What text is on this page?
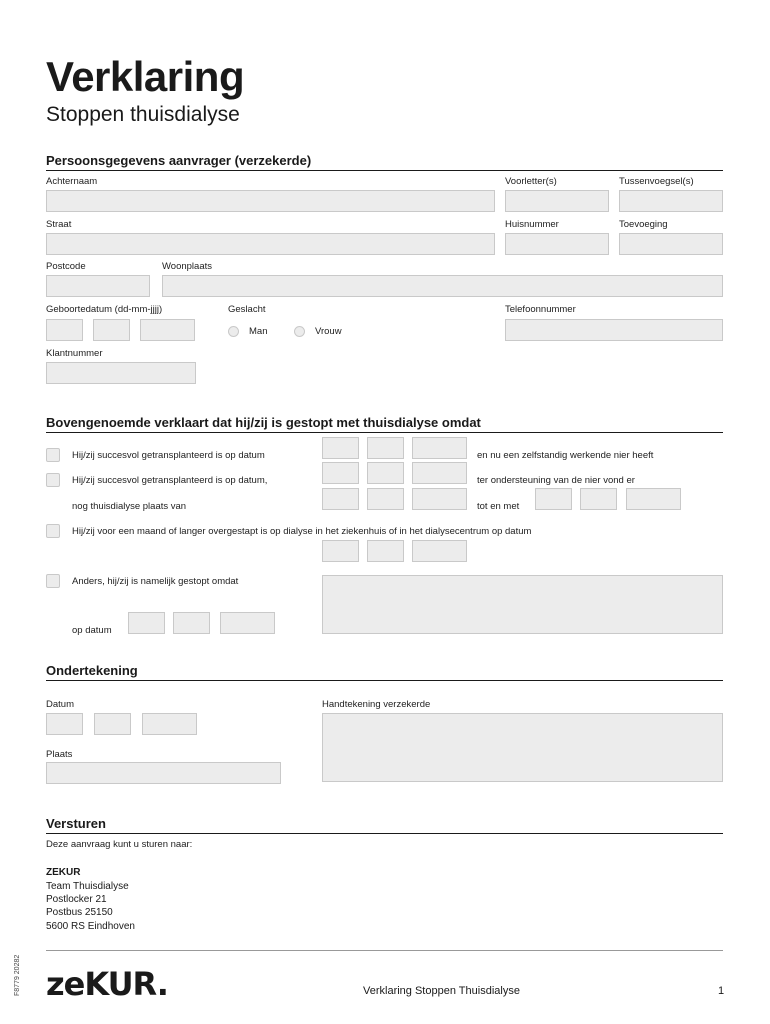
Verklaring
Stoppen thuisdialyse
Persoonsgegevens aanvrager (verzekerde)
Achternaam	Voorletter(s)	Tussenvoegsel(s)
Straat	Huisnummer	Toevoeging
Postcode	Woonplaats
Geboortedatum (dd-mm-jjjj)	Geslacht	Telefoonnummer
Man	Vrouw
Klantnummer
Bovengenoemde verklaart dat hij/zij is gestopt met thuisdialyse omdat
Hij/zij succesvol getransplanteerd is op datum	en nu een zelfstandig werkende nier heeft
Hij/zij succesvol getransplanteerd is op datum,	ter ondersteuning van de nier vond er
nog thuisdialyse plaats van	tot en met
Hij/zij voor een maand of langer overgestapt is op dialyse in het ziekenhuis of in het dialysecentrum op datum
Anders, hij/zij is namelijk gestopt omdat
op datum
Ondertekening
Datum	Handtekening verzekerde
Plaats
Versturen
Deze aanvraag kunt u sturen naar:
ZEKUR
Team Thuisdialyse
Postlocker 21
Postbus 25150
5600 RS Eindhoven
F8779 20282 zeKUR.	Verklaring Stoppen Thuisdialyse	1
